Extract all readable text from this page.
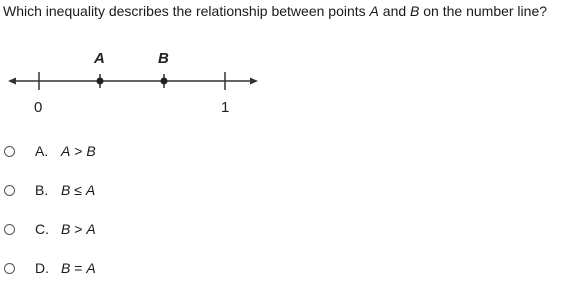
Which inequality describes the relationship between points A and B on the number line?
A	B
0	1
A. A > B
B. B ≤ A
C. B > A
D. B = A
